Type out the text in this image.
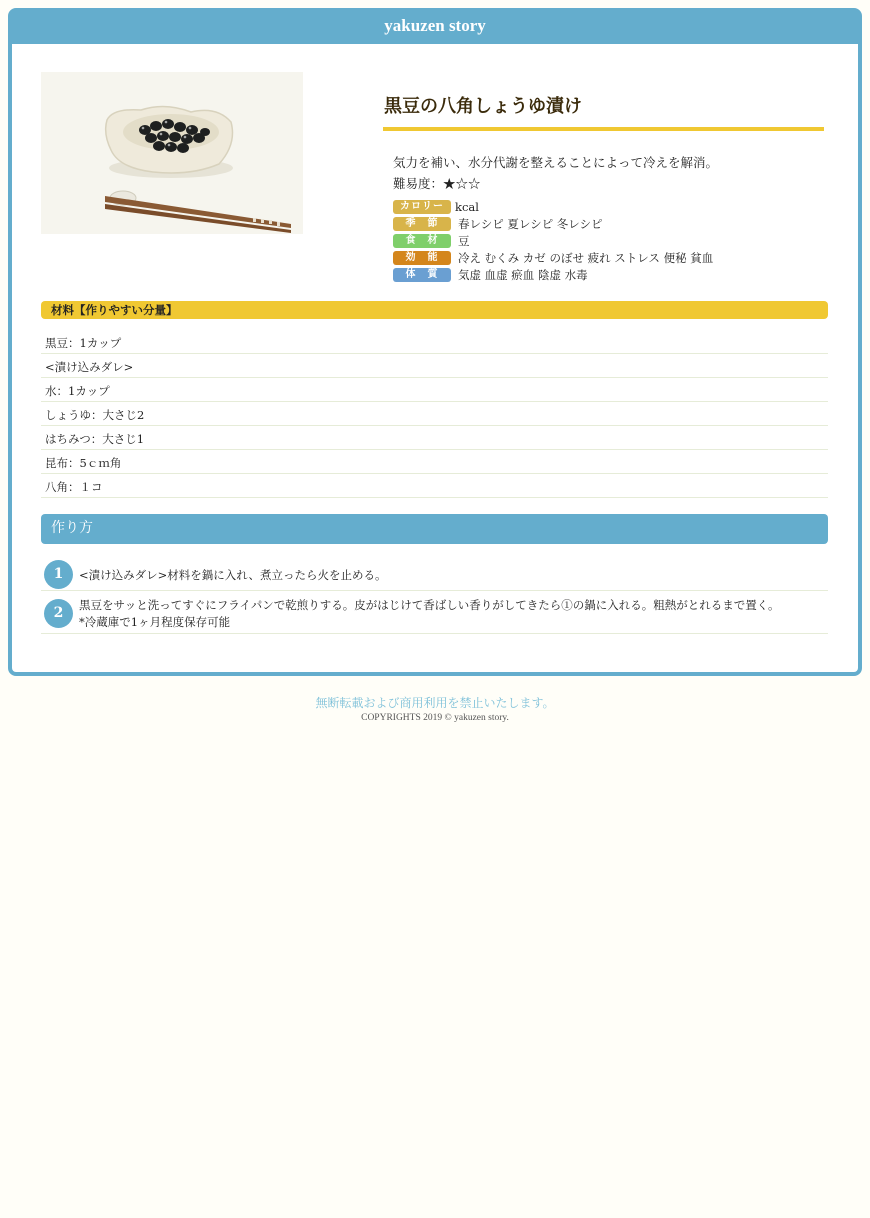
yakuzen story
黒豆の八角しょうゆ漬け
気力を補い、水分代謝を整えることによって冷えを解消。
難易度：★☆☆
カロリー kcal
季　節	春レシピ 夏レシピ 冬レシピ
食　材	豆
効　能	冷え むくみ カゼ のぼせ 疲れ ストレス 便秘 貧血
体　質	気虚 血虚 瘀血 陰虚 水毒
材料【作りやすい分量】
黒豆：1カップ
<漬け込みダレ>
水：1カップ
しょうゆ：大さじ2
はちみつ：大さじ1
昆布：5ｃｍ角
八角：１コ
作り方
1	<漬け込みダレ>材料を鍋に入れ、煮立ったら火を止める。
2	黒豆をサッと洗ってすぐにフライパンで乾煎りする。皮がはじけて香ばしい香りがしてきたら①の鍋に入れる。粗熱がとれるまで置く。
*冷蔵庫で1ヶ月程度保存可能
無断転載および商用利用を禁止いたします。
COPYRIGHTS 2019 © yakuzen story.
